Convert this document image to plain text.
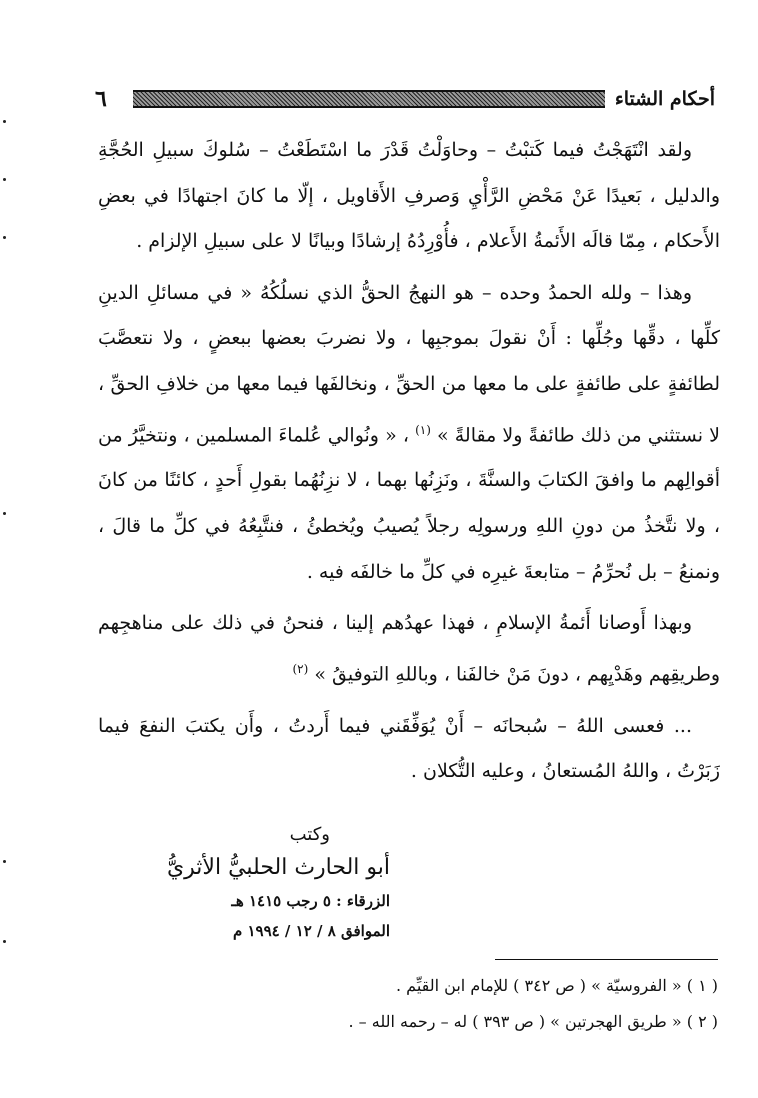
أحكام الشتاء
٦

ولقد انْتَهَجْتُ فيما كَتبْتُ – وحاوَلْتُ قَدْرَ ما اسْتَطَعْتُ – سُلوكَ سبيلِ الحُجَّةِ والدليل ، بَعيدًا عَنْ مَحْضِ الرَّأْيِ وَصرفِ الأَقاويل ، إلّا ما كانَ اجتهادًا في بعضِ الأَحكام ، مِمّا قالَه الأَئمةُ الأَعلام ، فأُوْرِدُهُ إرشادًا وبيانًا لا على سبيلِ الإلزام .

وهذا – ولله الحمدُ وحده – هو النهجُ الحقُّ الذي نسلُكُهُ « في مسائلِ الدينِ كلِّها ، دقِّها وجُلِّها : أَنْ نقولَ بموجبِها ، ولا نضربَ بعضها ببعضٍ ، ولا نتعصَّبَ لطائفةٍ على طائفةٍ على ما معها من الحقِّ ، ونخالفَها فيما معها من خلافِ الحقِّ ، لا نستثني من ذلك طائفةً ولا مقالةً » $^{(١)}$ ، « ونُوالي عُلماءَ المسلمين ، ونتخيَّرُ من أقوالِهم ما وافقَ الكتابَ والسنَّةَ ، ونَزِنُها بهما ، لا نزِنُهُما بقولِ أَحدٍ ، كائنًا من كانَ ، ولا نتَّخذُ من دونِ اللهِ ورسولِه رجلاً يُصيبُ ويُخطئُ ، فنتَّبِعُهُ في كلِّ ما قالَ ، ونمنعُ – بل نُحرِّمُ – متابعةَ غيرِه في كلِّ ما خالفَه فيه .

وبهذا أَوصانا أَئمةُ الإسلامِ ، فهذا عهدُهم إلينا ، فنحنُ في ذلك على مناهجِهم وطريقِهم وهَدْيِهم ، دونَ مَنْ خالفَنا ، وباللهِ التوفيقُ » $^{(٢)}$

... فعسى اللهُ – سُبحانَه – أَنْ يُوَفِّقَني فيما أَردتُ ، وأَن يكتبَ النفعَ فيما زَبَرْتُ ، واللهُ المُستعانُ ، وعليه التُّكلان .

وكتب
أبو الحارث الحلبيُّ الأثريُّ
الزرقاء : ٥ رجب ١٤١٥ هـ
الموافق ٨ / ١٢ / ١٩٩٤ م
( ١ ) « الفروسيّة » ( ص ٣٤٢ ) للإمام ابن القيِّم .
( ٢ ) « طريق الهجرتين » ( ص ٣٩٣ ) له – رحمه الله – .
